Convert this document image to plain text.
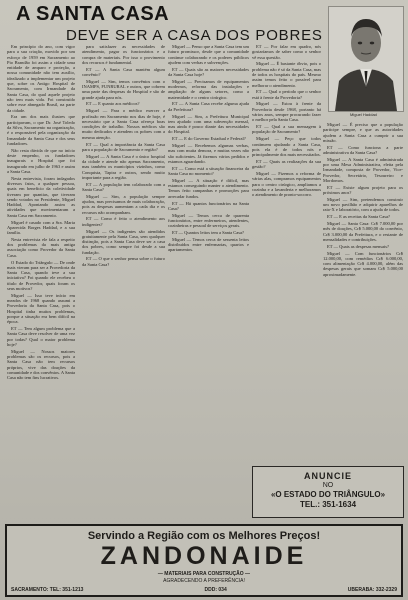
A SANTA CASA
DEVE SER A CASA DOS POBRES
Miguel Haddad

Em princípio do ano, com vigor para a sua criação, movido por um esforço de 1959 em Sacramento ao Pio Brandão foi assim a cidade uma entidade de amparo e proteção, a nossa comunidade não tem auxílio, idealizado a implementar um projeto que, sobre os Antigo Hospital de Sacramento, com Irmandade da Santa Casa, do qual aquele projeto não tem mais vida. Foi construído sobre esse abnegado Brasil, na parte da cidade.

Era um dos mais ilustres que participavam, o que Dr. José Toledo da Silva, Sacramento na organização, é o responsável pela organização da Irmandade da Santa Casa e dos seus fundadores.

Não resta dúvida de que no início deste empenho, os fundadores inaugurais o Hospital que foi inaugurado em julho de 1963 e assim a Santa Casa.

Nesta entrevista, foram indagados diversos fatos, a qualquer pessoa, quais em benefício da coletividade tiveram por quantias, que tiveram sendo votados no Presidente, Miguel Haddad, Apontando assim as atividades que movimentaram a Santa Casa em Sacramento.

Miguel é casado com a Sra. Maria Aparecida Borges Haddad, e a sua família.

Nesta entrevista ele fala a respeito dos problemas da mais antiga associação como Provedor da Santa Casa.

O Estado do Triângulo — De onde mais vieram para ser a Provedoria da Santa Casa, quando teve a sua iniciativa? Foi quando ele recebeu o título de Provedor, quais foram os seus motivos?

Miguel — Isso teve início em meados de 1968 quando assumi a Provedoria da Santa Casa, pois o Hospital tinha muitos problemas, porque a situação era bem difícil na época.

ET — Tem algum problema que a Santa Casa deve resolver de uma vez por todas? Qual o maior problema hoje?

Miguel — Nossos maiores problemas são os recursos, pois a Santa Casa não tem recursos próprios, vive das doações da comunidade e dos convênios. A Santa Casa não tem fins lucrativos.

para satisfazer as necessidades de atendimento, pagar os funcionários e a compra de materiais. Por isso o provimento dos recursos é fundamental.

ET — A Santa Casa mantém algum convênio?

Miguel — Sim, temos convênios com o INAMPS, FUNRURAL e outros, que cobrem uma parte das despesas do Hospital e são de grande ajuda para nós.

ET — E quanto aos médicos?

Miguel — Para o médico exercer a profissão em Sacramento nos dias de hoje, é necessário que a Santa Casa ofereça boas condições de trabalho. Nossos médicos são muito dedicados e atendem os pobres com a mesma atenção.

ET — Qual a importância da Santa Casa para a população de Sacramento e região?

Miguel — A Santa Casa é o único hospital da cidade e atende não apenas Sacramento, mas também os municípios vizinhos, como Conquista, Tapira e outros, sendo muito importante para a região.

ET — A população tem colaborado com a Santa Casa?

Miguel — Sim, a população sempre ajudou, mas precisamos de mais colaboração, pois as despesas aumentam a cada dia e os recursos não acompanham.

ET — Como é feito o atendimento aos indigentes?

Miguel — Os indigentes são atendidos gratuitamente pela Santa Casa, sem qualquer distinção, pois a Santa Casa deve ser a casa dos pobres, como sempre foi desde a sua fundação.

ET — O que o senhor pensa sobre o futuro da Santa Casa?

Miguel — Penso que a Santa Casa tem um futuro promissor, desde que a comunidade continue colaborando e os poderes públicos ajudem com verbas e subvenções.

ET — Quais são as maiores necessidades da Santa Casa hoje?

Miguel — Precisamos de equipamentos modernos, reforma das instalações e ampliação de alguns setores, como a maternidade e o centro cirúrgico.

ET — A Santa Casa recebe alguma ajuda da Prefeitura?

Miguel — Sim, a Prefeitura Municipal tem ajudado com uma subvenção mensal, mas ainda é pouco diante das necessidades do Hospital.

ET — E do Governo Estadual e Federal?

Miguel — Recebemos algumas verbas, mas com muita demora, e muitas vezes não são suficientes. Já fizemos vários pedidos e estamos aguardando.

ET — Como está a situação financeira da Santa Casa no momento?

Miguel — A situação é difícil, mas estamos conseguindo manter o atendimento. Temos feito campanhas e promoções para arrecadar fundos.

ET — Há quantos funcionários na Santa Casa?

Miguel — Temos cerca de quarenta funcionários, entre enfermeiros, atendentes, cozinheiras e pessoal de serviços gerais.

ET — Quantos leitos tem a Santa Casa?

Miguel — Temos cerca de sessenta leitos distribuídos entre enfermarias, quartos e apartamentos.

ET — Por falar em quadro, nós gostaríamos de saber como o senhor vê essa questão.

Miguel — É bastante óbvio, pois o problema não é só da Santa Casa, mas de todos os hospitais do país. Mesmo assim temos feito o possível para melhorar o atendimento.

ET — Qual o período que o senhor está à frente da Provedoria?

Miguel — Estou à frente da Provedoria desde 1968, portanto há vários anos, sempre procurando fazer o melhor pela Santa Casa.

ET — Qual a sua mensagem à população de Sacramento?

Miguel — Peço que todos continuem ajudando a Santa Casa, pois ela é de todos nós e principalmente dos mais necessitados.

ET — Quais as realizações da sua gestão?

Miguel — Fizemos a reforma de várias alas, compramos equipamentos para o centro cirúrgico, ampliamos a cozinha e a lavanderia e melhoramos o atendimento de pronto-socorro.

Miguel — É preciso que a população participe sempre, e que as autoridades ajudem a Santa Casa a cumprir a sua missão.

ET — Como funciona a parte administrativa da Santa Casa?

Miguel — A Santa Casa é administrada por uma Mesa Administrativa, eleita pela Irmandade, composta de Provedor, Vice-Provedor, Secretário, Tesoureiro e Mordomos.

ET — Existe algum projeto para os próximos anos?

Miguel — Sim, pretendemos construir um novo pavilhão e adquirir aparelhos de raio-X e laboratório, com a ajuda de todos.

ET — E as receitas da Santa Casa?

Miguel — Santa Casa: Cr$ 7.000,00 por mês de doações, Cr$ 5.000,00 do convênio, Cr$ 3.000,00 da Prefeitura, e o restante de mensalidades e contribuições.

ET — Quais as despesas mensais?

Miguel — Com funcionários Cr$ 12.000,00, com remédios Cr$ 6.000,00, com alimentação Cr$ 4.000,00, além das despesas gerais que somam Cr$ 5.000,00 aproximadamente.

ANUNCIE
NO
«O ESTADO DO TRIÂNGULO»
TEL.: 351-1634
Servindo a Região com os Melhores Preços!
ZANDONAIDE
— MATERIAIS PARA CONSTRUÇÃO —
AGRADECENDO A PREFERÊNCIA!
SACRAMENTO: TEL: 351-1213	DDD: 034	UBERABA: 332-2329
